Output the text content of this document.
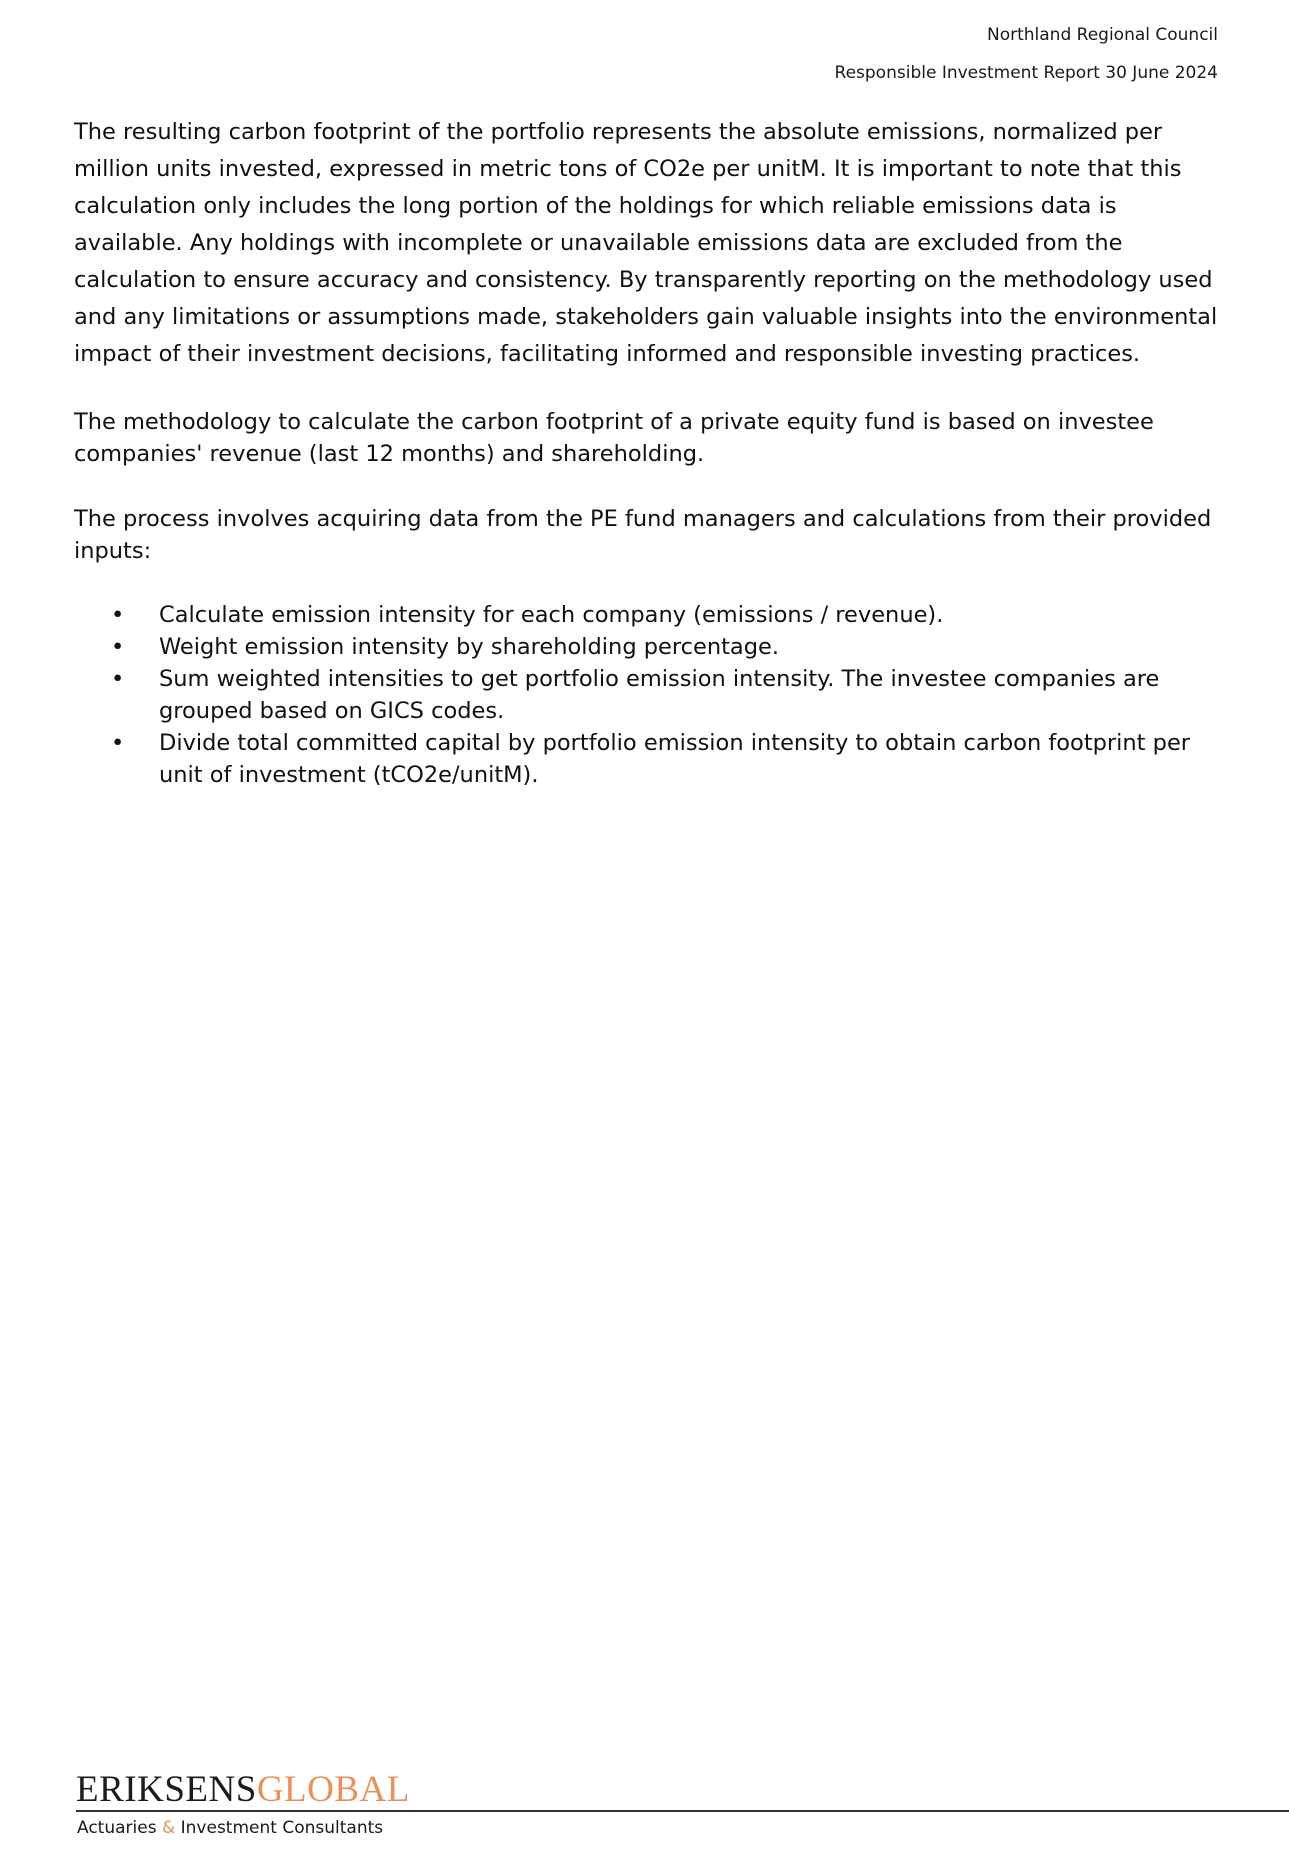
Northland Regional Council
Responsible Investment Report 30 June 2024

The resulting carbon footprint of the portfolio represents the absolute emissions, normalized per million units invested, expressed in metric tons of CO2e per unitM. It is important to note that this calculation only includes the long portion of the holdings for which reliable emissions data is available. Any holdings with incomplete or unavailable emissions data are excluded from the calculation to ensure accuracy and consistency. By transparently reporting on the methodology used and any limitations or assumptions made, stakeholders gain valuable insights into the environmental impact of their investment decisions, facilitating informed and responsible investing practices.

The methodology to calculate the carbon footprint of a private equity fund is based on investee companies' revenue (last 12 months) and shareholding.

The process involves acquiring data from the PE fund managers and calculations from their provided inputs:

• Calculate emission intensity for each company (emissions / revenue).
• Weight emission intensity by shareholding percentage.
• Sum weighted intensities to get portfolio emission intensity. The investee companies are grouped based on GICS codes.
• Divide total committed capital by portfolio emission intensity to obtain carbon footprint per unit of investment (tCO2e/unitM).
ERIKSENSGLOBAL
Actuaries & Investment Consultants
